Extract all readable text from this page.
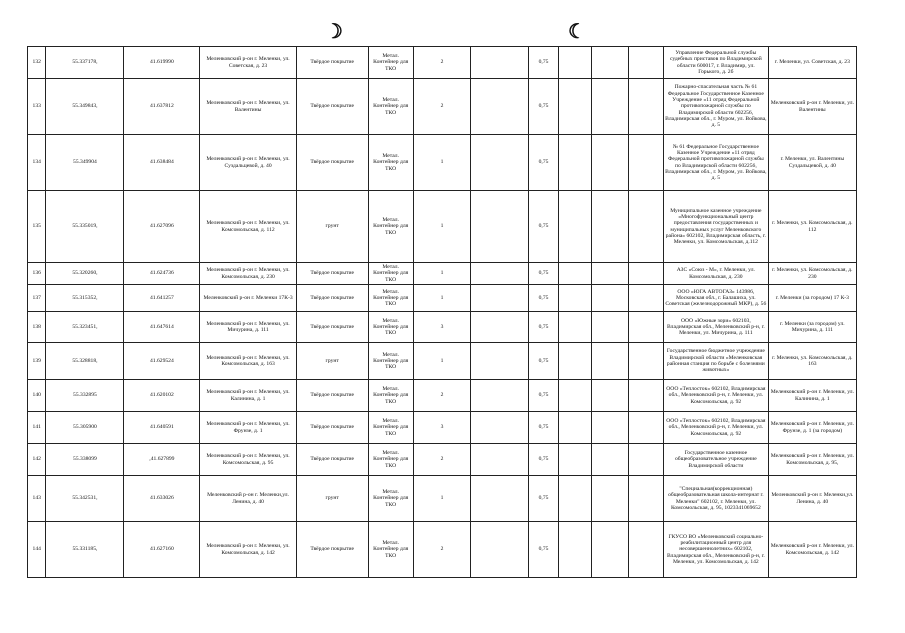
☽	☾
132	55.337178,	41.619990	Меленковский р-он г. Меленки, ул. Советская, д. 23	Твёрдое покрытие	Метал. Контейнер для ТКО	2		0,75				Управление Федеральной службы судебных приставов по Владимирской области 600017, г. Владимир, ул. Горького, д. 2б	г. Меленки, ул. Советская, д. 23
133	55.349843,	41.637812	Меленковский р-он г. Меленки, ул. Валентины	Твёрдое покрытие	Метал. Контейнер для ТКО	2		0,75				Пожарно-спасательная часть № 61 Федеральное Государственное Казенное Учреждение «11 отряд Федеральной противопожарной службы по Владимирской области 602256, Владимирская обл., г. Муром, ул. Войкова, д. 5	Меленковский р-он г. Меленки, ул. Валентины
134	55.349904	41.638484	Меленковский р-он г. Меленки, ул. Суздальцевой, д. 40	Твёрдое покрытие	Метал. Контейнер для ТКО	1		0,75				№ 61 Федеральное Государственное Казенное Учреждение «11 отряд Федеральной противопожарной службы по Владимирской области 602256, Владимирская обл., г. Муром, ул. Войкова, д. 5	г. Меленки, ул. Валентины Суздальцевой, д. 40
135	55.335019,	41.627096	Меленковский р-он г. Меленки, ул. Комсомольская, д. 112	грунт	Метал. Контейнер для ТКО	1		0,75				Муниципальное казенное учреждение «Многофункциональный центр предоставления государственных и муниципальных услуг Меленковского района» 602102, Владимирская область, г. Меленки, ул. Комсомольская, д.112	г. Меленки, ул. Комсомольская, д. 112
136	55.320260,	41.624736	Меленковский р-он г. Меленки, ул. Комсомольская, д. 230	Твёрдое покрытие	Метал. Контейнер для ТКО	1		0,75				АЗС «Союз - М», г. Меленки, ул. Комсомольская, д. 230	г. Меленки, ул. Комсомольская, д. 230
137	55.315352,	41.641257	Меленковский р-он г. Меленки 17К-3	Твёрдое покрытие	Метал. Контейнер для ТКО	1		0,75				ООО «ЮГА АВТОГАЗ» 143986, Московская обл., г. Балашиха, ул. Советская (железнодорожный МКР), д. 56	г. Меленки (за городом) 17 К-3
138	55.323451,	41.647614	Меленковский р-он г. Меленки, ул. Мичурина, д. 111	Твёрдое покрытие	Метал. Контейнер для ТКО	3		0,75				ООО «Южные зори» 602103, Владимирская обл., Меленковский р-н, г. Меленки, ул. Мичурина, д. 111	г. Меленки (за городом) ул. Мичурина, д. 111
139	55.328818,	41.629524	Меленковский р-он г. Меленки, ул. Комсомольская, д. 163	грунт	Метал. Контейнер для ТКО	1		0,75				Государственное бюджетное учреждение Владимирской области «Меленковская районная станция по борьбе с болезнями животных»	г. Меленки, ул. Комсомольская, д. 163
140	55.332895	41.620102	Меленковский р-он г. Меленки, ул. Калинина, д. 1	Твёрдое покрытие	Метал. Контейнер для ТКО	2		0,75				ООО «Теплосток» 602102, Владимирская обл., Меленковский р-н, г. Меленки, ул. Комсомольская, д. 92	Меленковский р-он г. Меленки, ул. Калинина, д. 1
141	55.305900	41.640591	Меленковский р-он г. Меленки, ул. Фрунзе, д. 1	Твёрдое покрытие	Метал. Контейнер для ТКО	3		0,75				ООО «Теплосток» 602102, Владимирская обл., Меленковский р-н, г. Меленки, ул. Комсомольская, д. 92	Меленковский р-он г. Меленки, ул. Фрунзе, д. 1 (за городом)
142	55.338099	,41.627899	Меленковский р-он г. Меленки, ул. Комсомольская, д. 95	Твёрдое покрытие	Метал. Контейнер для ТКО	2		0,75				Государственное казенное общеобразовательное учреждение Владимирской области	Меленковский р-он г. Меленки, ул. Комсомольская, д. 95,
143	55.342531,	41.633026	Меленковский р-он г. Меленки,ул. Ленина, д. 40	грунт	Метал. Контейнер для ТКО	1		0,75				"Специальная(коррекционная) общеобразовательная школа-интернат г. Меленки" 602102, г. Меленки, ул. Комсомольская, д. 95, 1023341069652	Меленковский р-он г. Меленки,ул. Ленина, д. 40
144	55.331185,	41.627160	Меленковский р-он г. Меленки, ул. Комсомольская, д. 142	Твёрдое покрытие	Метал. Контейнер для ТКО	2		0,75				ГКУСО ВО «Меленковский социально-реабилитационный центр для несовершеннолетних» 602102, Владимирская обл., Меленковский р-н, г. Меленки, ул. Комсомольская, д. 142	Меленковский р-он г. Меленки, ул. Комсомольская, д. 142
